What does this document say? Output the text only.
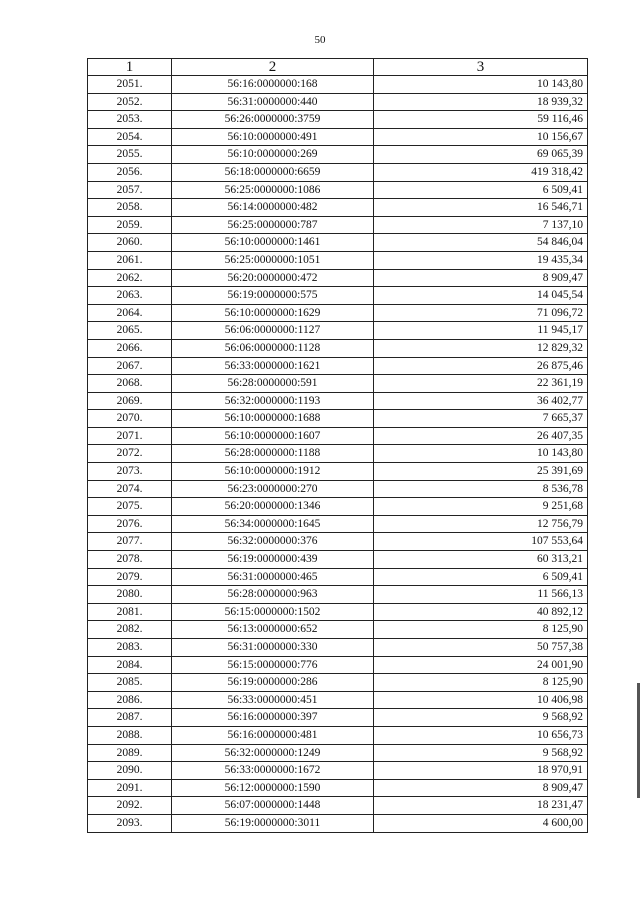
50
1	2	3
2051.	56:16:0000000:168	10 143,80
2052.	56:31:0000000:440	18 939,32
2053.	56:26:0000000:3759	59 116,46
2054.	56:10:0000000:491	10 156,67
2055.	56:10:0000000:269	69 065,39
2056.	56:18:0000000:6659	419 318,42
2057.	56:25:0000000:1086	6 509,41
2058.	56:14:0000000:482	16 546,71
2059.	56:25:0000000:787	7 137,10
2060.	56:10:0000000:1461	54 846,04
2061.	56:25:0000000:1051	19 435,34
2062.	56:20:0000000:472	8 909,47
2063.	56:19:0000000:575	14 045,54
2064.	56:10:0000000:1629	71 096,72
2065.	56:06:0000000:1127	11 945,17
2066.	56:06:0000000:1128	12 829,32
2067.	56:33:0000000:1621	26 875,46
2068.	56:28:0000000:591	22 361,19
2069.	56:32:0000000:1193	36 402,77
2070.	56:10:0000000:1688	7 665,37
2071.	56:10:0000000:1607	26 407,35
2072.	56:28:0000000:1188	10 143,80
2073.	56:10:0000000:1912	25 391,69
2074.	56:23:0000000:270	8 536,78
2075.	56:20:0000000:1346	9 251,68
2076.	56:34:0000000:1645	12 756,79
2077.	56:32:0000000:376	107 553,64
2078.	56:19:0000000:439	60 313,21
2079.	56:31:0000000:465	6 509,41
2080.	56:28:0000000:963	11 566,13
2081.	56:15:0000000:1502	40 892,12
2082.	56:13:0000000:652	8 125,90
2083.	56:31:0000000:330	50 757,38
2084.	56:15:0000000:776	24 001,90
2085.	56:19:0000000:286	8 125,90
2086.	56:33:0000000:451	10 406,98
2087.	56:16:0000000:397	9 568,92
2088.	56:16:0000000:481	10 656,73
2089.	56:32:0000000:1249	9 568,92
2090.	56:33:0000000:1672	18 970,91
2091.	56:12:0000000:1590	8 909,47
2092.	56:07:0000000:1448	18 231,47
2093.	56:19:0000000:3011	4 600,00
